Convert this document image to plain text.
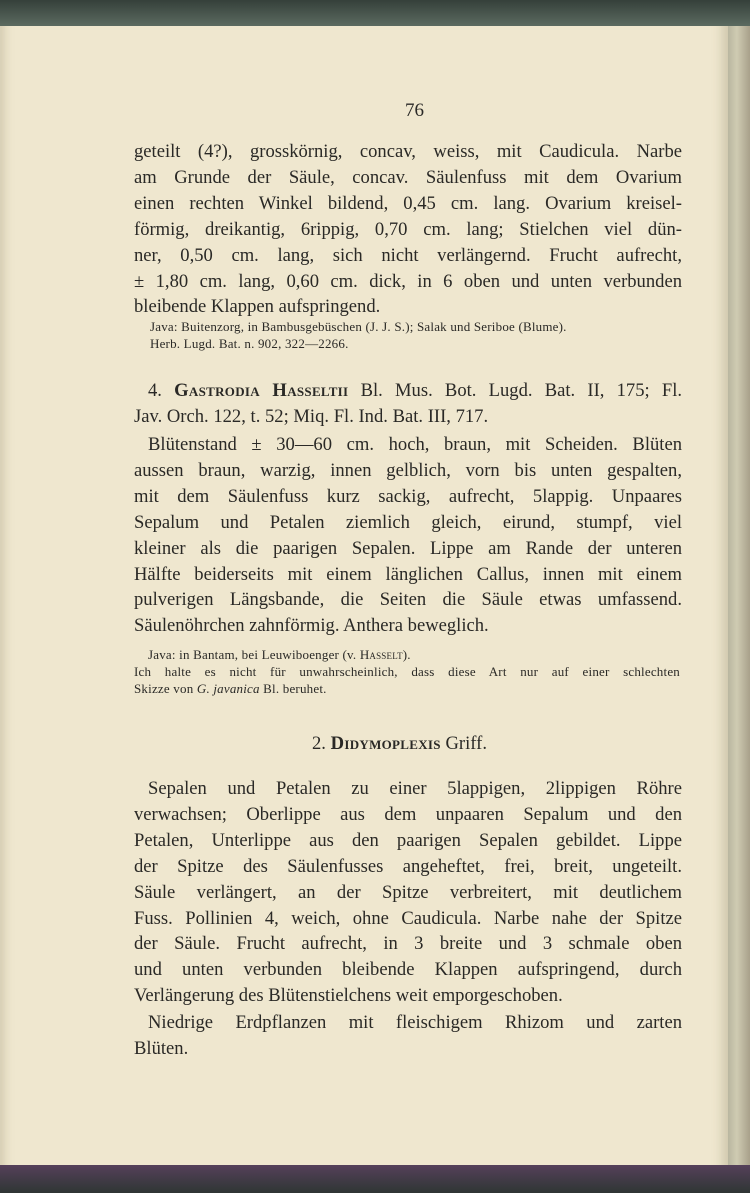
76
geteilt (4?), grosskörnig, concav, weiss, mit Caudicula. Narbe
am Grunde der Säule, concav. Säulenfuss mit dem Ovarium
einen rechten Winkel bildend, 0,45 cm. lang. Ovarium kreisel-
förmig, dreikantig, 6rippig, 0,70 cm. lang; Stielchen viel dün-
ner, 0,50 cm. lang, sich nicht verlängernd. Frucht aufrecht,
± 1,80 cm. lang, 0,60 cm. dick, in 6 oben und unten verbunden
bleibende Klappen aufspringend.
Java: Buitenzorg, in Bambusgebüschen (J. J. S.); Salak und Seriboe (Blume).
Herb. Lugd. Bat. n. 902, 322—2266.
4. Gastrodia Hasseltii Bl. Mus. Bot. Lugd. Bat. II, 175; Fl.
Jav. Orch. 122, t. 52; Miq. Fl. Ind. Bat. III, 717.
Blütenstand ± 30—60 cm. hoch, braun, mit Scheiden. Blüten
aussen braun, warzig, innen gelblich, vorn bis unten gespalten,
mit dem Säulenfuss kurz sackig, aufrecht, 5lappig. Unpaares
Sepalum und Petalen ziemlich gleich, eirund, stumpf, viel
kleiner als die paarigen Sepalen. Lippe am Rande der unteren
Hälfte beiderseits mit einem länglichen Callus, innen mit einem
pulverigen Längsbande, die Seiten die Säule etwas umfassend.
Säulenöhrchen zahnförmig. Anthera beweglich.
Java: in Bantam, bei Leuwiboenger (v. Hasselt).
Ich halte es nicht für unwahrscheinlich, dass diese Art nur auf einer schlechten
Skizze von G. javanica Bl. beruhet.
2. Didymoplexis Griff.
Sepalen und Petalen zu einer 5lappigen, 2lippigen Röhre
verwachsen; Oberlippe aus dem unpaaren Sepalum und den
Petalen, Unterlippe aus den paarigen Sepalen gebildet. Lippe
der Spitze des Säulenfusses angeheftet, frei, breit, ungeteilt.
Säule verlängert, an der Spitze verbreitert, mit deutlichem
Fuss. Pollinien 4, weich, ohne Caudicula. Narbe nahe der Spitze
der Säule. Frucht aufrecht, in 3 breite und 3 schmale oben
und unten verbunden bleibende Klappen aufspringend, durch
Verlängerung des Blütenstielchens weit emporgeschoben.
Niedrige Erdpflanzen mit fleischigem Rhizom und zarten
Blüten.
